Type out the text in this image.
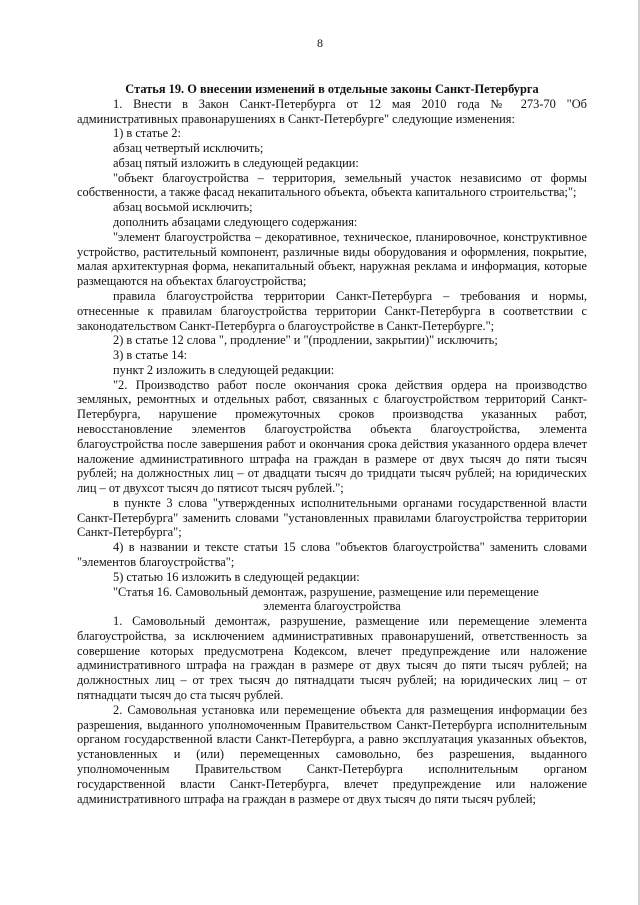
8

Статья 19. О внесении изменений в отдельные законы Санкт-Петербурга

1. Внести в Закон Санкт-Петербурга от 12 мая 2010 года № 273-70 "Об административных правонарушениях в Санкт-Петербурге" следующие изменения:

1) в статье 2:

абзац четвертый исключить;

абзац пятый изложить в следующей редакции:

"объект благоустройства – территория, земельный участок независимо от формы собственности, а также фасад некапитального объекта, объекта капитального строительства;";

абзац восьмой исключить;

дополнить абзацами следующего содержания:

"элемент благоустройства – декоративное, техническое, планировочное, конструктивное устройство, растительный компонент, различные виды оборудования и оформления, покрытие, малая архитектурная форма, некапитальный объект, наружная реклама и информация, которые размещаются на объектах благоустройства;

правила благоустройства территории Санкт-Петербурга – требования и нормы, отнесенные к правилам благоустройства территории Санкт-Петербурга в соответствии с законодательством Санкт-Петербурга о благоустройстве в Санкт-Петербурге.";

2) в статье 12 слова ", продление" и "(продлении, закрытии)" исключить;

3) в статье 14:

пункт 2 изложить в следующей редакции:

"2. Производство работ после окончания срока действия ордера на производство земляных, ремонтных и отдельных работ, связанных с благоустройством территорий Санкт-Петербурга, нарушение промежуточных сроков производства указанных работ, невосстановление элементов благоустройства объекта благоустройства, элемента благоустройства после завершения работ и окончания срока действия указанного ордера влечет наложение административного штрафа на граждан в размере от двух тысяч до пяти тысяч рублей; на должностных лиц – от двадцати тысяч до тридцати тысяч рублей; на юридических лиц – от двухсот тысяч до пятисот тысяч рублей.";

в пункте 3 слова "утвержденных исполнительными органами государственной власти Санкт-Петербурга" заменить словами "установленных правилами благоустройства территории Санкт-Петербурга";

4) в названии и тексте статьи 15 слова "объектов благоустройства" заменить словами "элементов благоустройства";

5) статью 16 изложить в следующей редакции:

"Статья 16. Самовольный демонтаж, разрушение, размещение или перемещение

элемента благоустройства

1. Самовольный демонтаж, разрушение, размещение или перемещение элемента благоустройства, за исключением административных правонарушений, ответственность за совершение которых предусмотрена Кодексом, влечет предупреждение или наложение административного штрафа на граждан в размере от двух тысяч до пяти тысяч рублей; на должностных лиц – от трех тысяч до пятнадцати тысяч рублей; на юридических лиц – от пятнадцати тысяч до ста тысяч рублей.

2. Самовольная установка или перемещение объекта для размещения информации без разрешения, выданного уполномоченным Правительством Санкт-Петербурга исполнительным органом государственной власти Санкт-Петербурга, а равно эксплуатация указанных объектов, установленных и (или) перемещенных самовольно, без разрешения, выданного уполномоченным Правительством Санкт-Петербурга исполнительным органом государственной власти Санкт-Петербурга, влечет предупреждение или наложение административного штрафа на граждан в размере от двух тысяч до пяти тысяч рублей;
